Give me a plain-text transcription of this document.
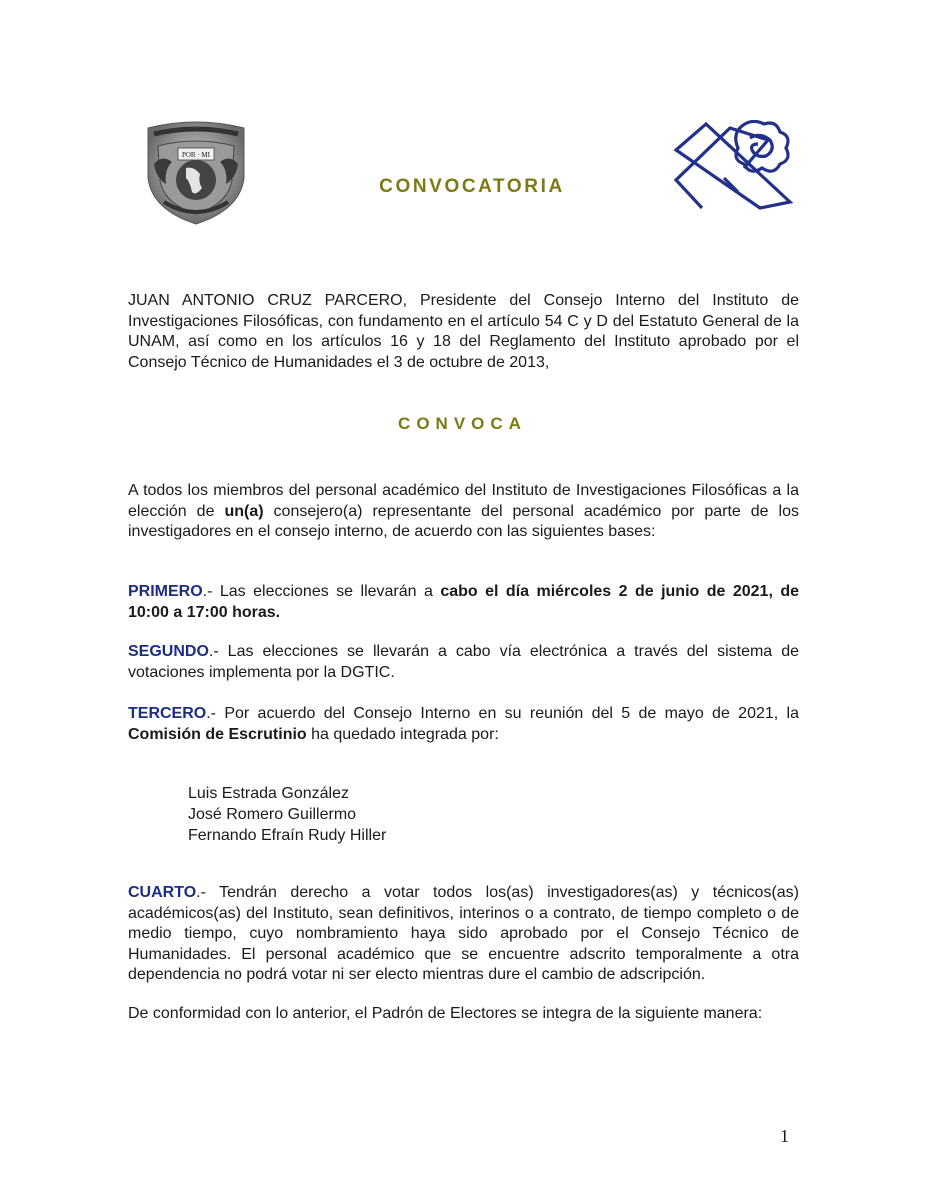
POR · MI
CONVOCATORIA
JUAN ANTONIO CRUZ PARCERO, Presidente del Consejo Interno del Instituto de Investigaciones Filosóficas, con fundamento en el artículo 54 C y D del Estatuto General de la UNAM, así como en los artículos 16 y 18 del Reglamento del Instituto aprobado por el Consejo Técnico de Humanidades el 3 de octubre de 2013,
CONVOCA
A todos los miembros del personal académico del Instituto de Investigaciones Filosóficas a la elección de un(a) consejero(a) representante del personal académico por parte de los investigadores en el consejo interno, de acuerdo con las siguientes bases:
PRIMERO.- Las elecciones se llevarán a cabo el día miércoles 2 de junio de 2021, de 10:00 a 17:00 horas.
SEGUNDO.- Las elecciones se llevarán a cabo vía electrónica a través del sistema de votaciones implementa por la DGTIC.
TERCERO.- Por acuerdo del Consejo Interno en su reunión del 5 de mayo de 2021, la Comisión de Escrutinio ha quedado integrada por:
Luis Estrada González
José Romero Guillermo
Fernando Efraín Rudy Hiller
CUARTO.- Tendrán derecho a votar todos los(as) investigadores(as) y técnicos(as) académicos(as) del Instituto, sean definitivos, interinos o a contrato, de tiempo completo o de medio tiempo, cuyo nombramiento haya sido aprobado por el Consejo Técnico de Humanidades. El personal académico que se encuentre adscrito temporalmente a otra dependencia no podrá votar ni ser electo mientras dure el cambio de adscripción.
De conformidad con lo anterior, el Padrón de Electores se integra de la siguiente manera:
1
